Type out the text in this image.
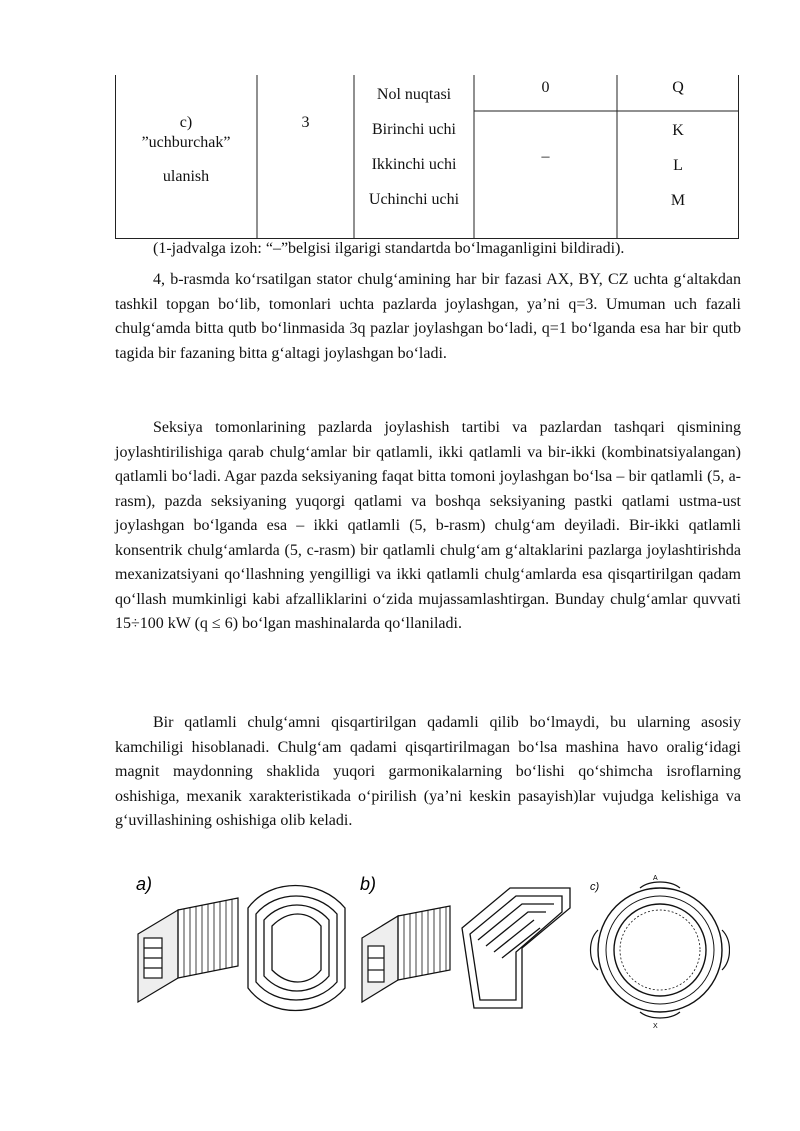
c)
”uchburchak”
ulanish
3
Nol nuqtasi
Birinchi uchi
Ikkinchi uchi
Uchinchi uchi
0
–
Q
K
L
M
(1-jadvalga izoh: “–”belgisi ilgarigi standartda bo‘lmaganligini bildiradi).

4, b-rasmda ko‘rsatilgan stator chulg‘amining har bir fazasi AX, BY, CZ uchta g‘altakdan tashkil topgan bo‘lib, tomonlari uchta pazlarda joylashgan, ya’ni q=3. Umuman uch fazali chulg‘amda bitta qutb bo‘linmasida 3q pazlar joylashgan bo‘ladi, q=1 bo‘lganda esa har bir qutb tagida bir fazaning bitta g‘altagi joylashgan bo‘ladi.

Seksiya tomonlarining pazlarda joylashish tartibi va pazlardan tashqari qismining joylashtirilishiga qarab chulg‘amlar bir qatlamli, ikki qatlamli va bir-ikki (kombinatsiyalangan) qatlamli bo‘ladi. Agar pazda seksiyaning faqat bitta tomoni joylashgan bo‘lsa – bir qatlamli (5, a-rasm), pazda seksiyaning yuqorgi qatlami va boshqa seksiyaning pastki qatlami ustma-ust joylashgan bo‘lganda esa – ikki qatlamli (5, b-rasm) chulg‘am deyiladi. Bir-ikki qatlamli konsentrik chulg‘amlarda (5, c-rasm) bir qatlamli chulg‘am g‘altaklarini pazlarga joylashtirishda mexanizatsiyani qo‘llashning yengilligi va ikki qatlamli chulg‘amlarda esa qisqartirilgan qadam qo‘llash mumkinligi kabi afzalliklarini o‘zida mujassamlashtirgan. Bunday chulg‘amlar quvvati 15÷100 kW (q ≤ 6) bo‘lgan mashinalarda qo‘llaniladi.

Bir qatlamli chulg‘amni qisqartirilgan qadamli qilib bo‘lmaydi, bu ularning asosiy kamchiligi hisoblanadi. Chulg‘am qadami qisqartirilmagan bo‘lsa mashina havo oralig‘idagi magnit maydonning shaklida yuqori garmonikalarning bo‘lishi qo‘shimcha isroflarning oshishiga, mexanik xarakteristikada o‘pirilish (ya’ni keskin pasayish)lar vujudga kelishiga va g‘uvillashining oshishiga olib keladi.

a)	b)	c)
A
X
